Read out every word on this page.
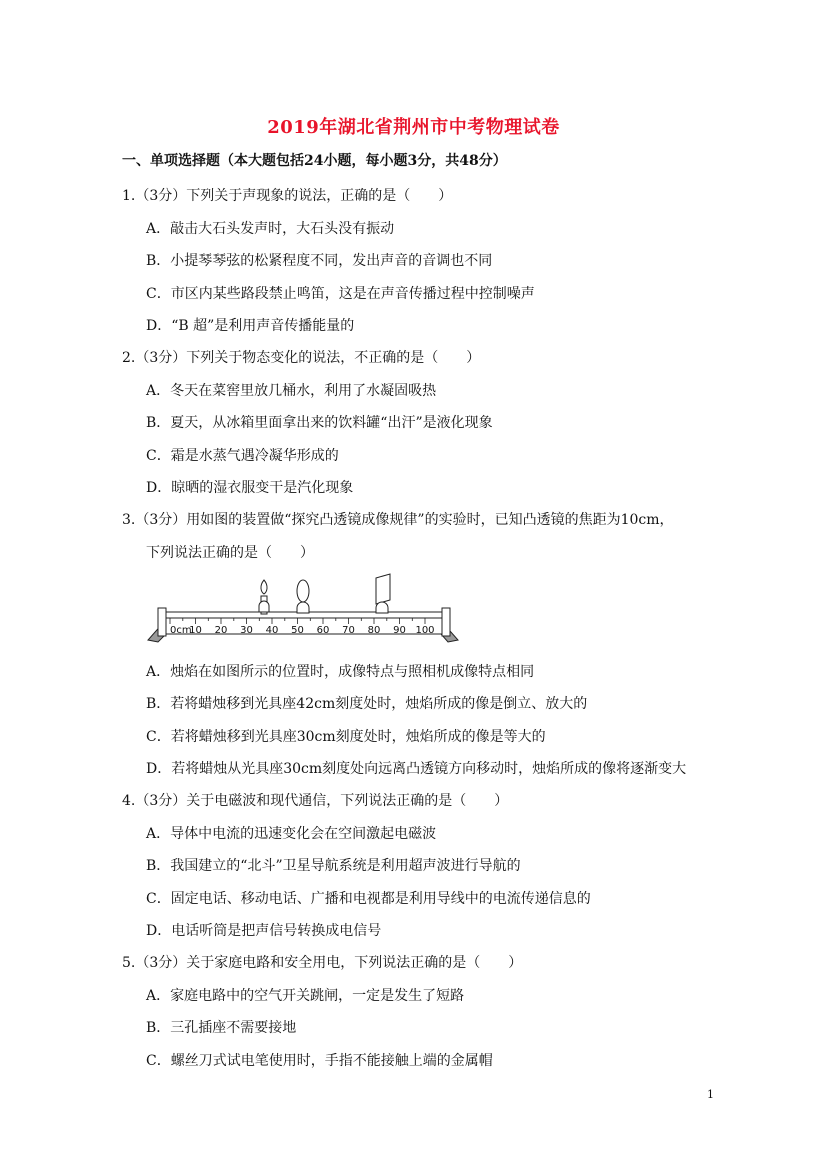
2019年湖北省荆州市中考物理试卷
一、单项选择题（本大题包括24小题，每小题3分，共48分）
1.（3分）下列关于声现象的说法，正确的是（　　）
A．敲击大石头发声时，大石头没有振动
B．小提琴琴弦的松紧程度不同，发出声音的音调也不同
C．市区内某些路段禁止鸣笛，这是在声音传播过程中控制噪声
D．“B 超”是利用声音传播能量的
2.（3分）下列关于物态变化的说法，不正确的是（　　）
A．冬天在菜窖里放几桶水，利用了水凝固吸热
B．夏天，从冰箱里面拿出来的饮料罐“出汗”是液化现象
C．霜是水蒸气遇冷凝华形成的
D．晾晒的湿衣服变干是汽化现象
3.（3分）用如图的装置做“探究凸透镜成像规律”的实验时，已知凸透镜的焦距为10cm，
下列说法正确的是（　　）
0cm
10 20 30 40 50 60 70 80 90 100
A．烛焰在如图所示的位置时，成像特点与照相机成像特点相同
B．若将蜡烛移到光具座42cm刻度处时，烛焰所成的像是倒立、放大的
C．若将蜡烛移到光具座30cm刻度处时，烛焰所成的像是等大的
D．若将蜡烛从光具座30cm刻度处向远离凸透镜方向移动时，烛焰所成的像将逐渐变大
4.（3分）关于电磁波和现代通信，下列说法正确的是（　　）
A．导体中电流的迅速变化会在空间激起电磁波
B．我国建立的“北斗”卫星导航系统是利用超声波进行导航的
C．固定电话、移动电话、广播和电视都是利用导线中的电流传递信息的
D．电话听筒是把声信号转换成电信号
5.（3分）关于家庭电路和安全用电，下列说法正确的是（　　）
A．家庭电路中的空气开关跳闸，一定是发生了短路
B．三孔插座不需要接地
C．螺丝刀式试电笔使用时，手指不能接触上端的金属帽
1
